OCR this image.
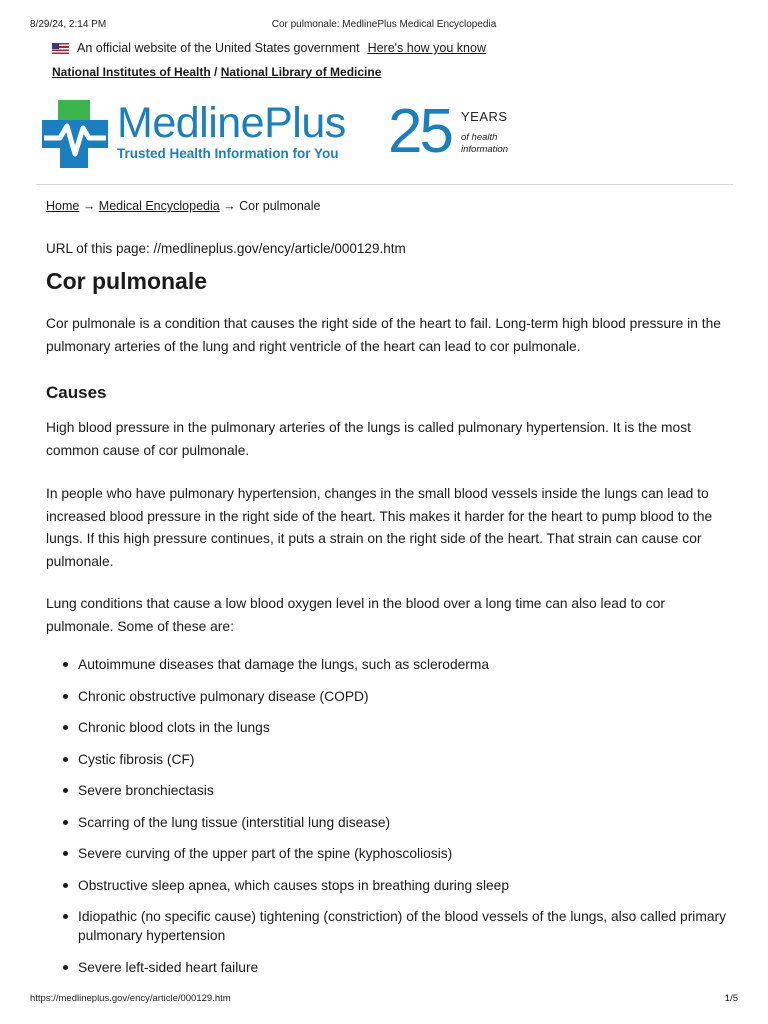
8/29/24, 2:14 PM	Cor pulmonale: MedlinePlus Medical Encyclopedia
An official website of the United States government Here's how you know
National Institutes of Health / National Library of Medicine
MedlinePlus
Trusted Health Information for You 25 YEARS
of health
information
Home → Medical Encyclopedia → Cor pulmonale
URL of this page: //medlineplus.gov/ency/article/000129.htm
Cor pulmonale

Cor pulmonale is a condition that causes the right side of the heart to fail. Long-term high blood pressure in the pulmonary arteries of the lung and right ventricle of the heart can lead to cor pulmonale.

Causes

High blood pressure in the pulmonary arteries of the lungs is called pulmonary hypertension. It is the most common cause of cor pulmonale.

In people who have pulmonary hypertension, changes in the small blood vessels inside the lungs can lead to increased blood pressure in the right side of the heart. This makes it harder for the heart to pump blood to the lungs. If this high pressure continues, it puts a strain on the right side of the heart. That strain can cause cor pulmonale.

Lung conditions that cause a low blood oxygen level in the blood over a long time can also lead to cor pulmonale. Some of these are:

Autoimmune diseases that damage the lungs, such as scleroderma
Chronic obstructive pulmonary disease (COPD)
Chronic blood clots in the lungs
Cystic fibrosis (CF)
Severe bronchiectasis
Scarring of the lung tissue (interstitial lung disease)
Severe curving of the upper part of the spine (kyphoscoliosis)
Obstructive sleep apnea, which causes stops in breathing during sleep
Idiopathic (no specific cause) tightening (constriction) of the blood vessels of the lungs, also called primary pulmonary hypertension
Severe left-sided heart failure
https://medlineplus.gov/ency/article/000129.htm	1/5
